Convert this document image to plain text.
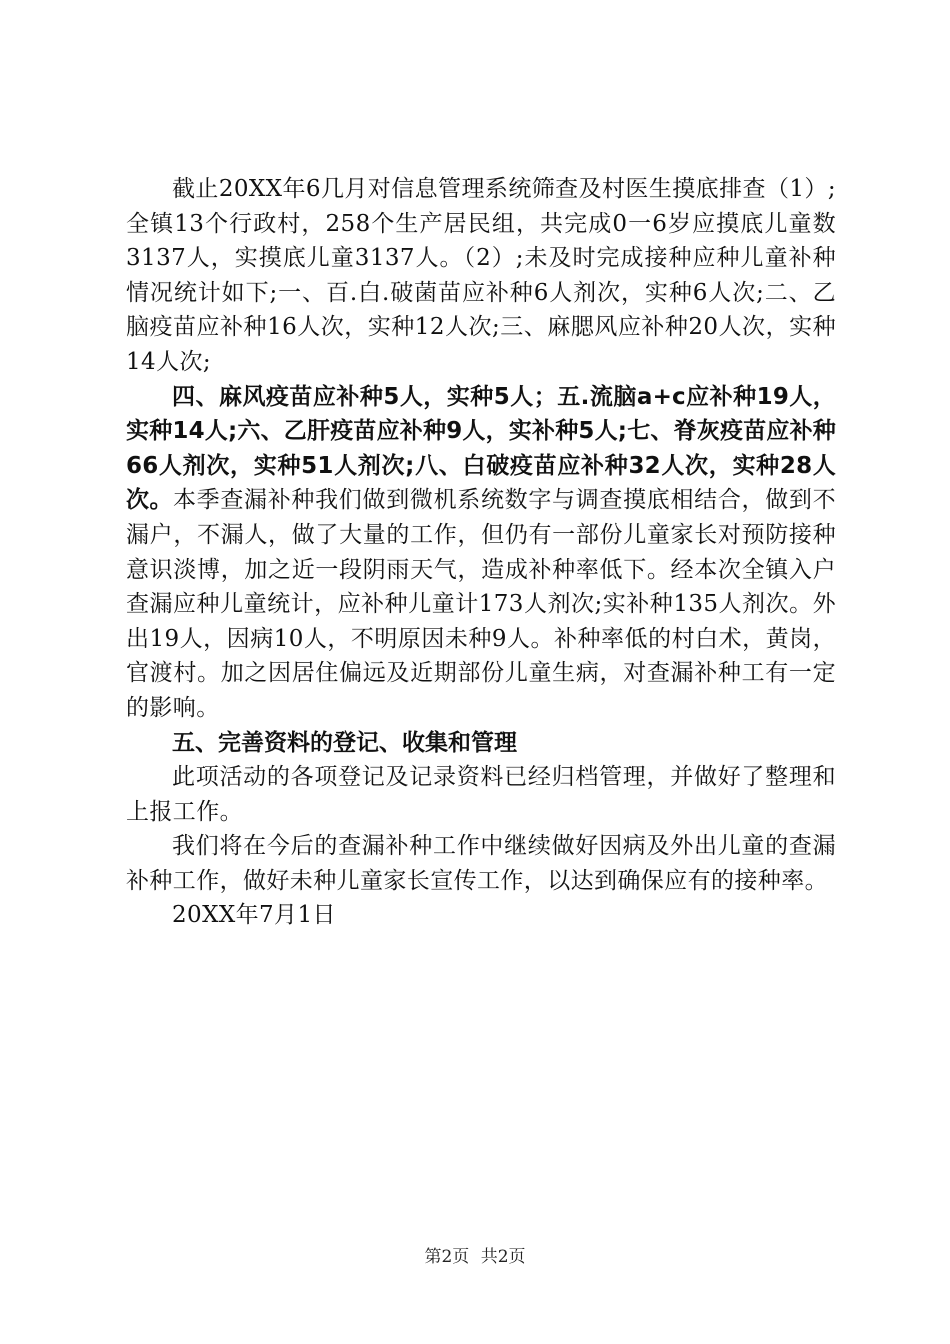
截止20XX年6几月对信息管理系统筛查及村医生摸底排查（1）;全镇13个行政村，258个生产居民组，共完成0一6岁应摸底儿童数3137人，实摸底儿童3137人。（2）;未及时完成接种应种儿童补种情况统计如下;一、百.白.破菌苗应补种6人剂次，实种6人次;二、乙脑疫苗应补种16人次，实种12人次;三、麻腮风应补种20人次，实种14人次;

四、麻风疫苗应补种5人，实种5人；五.流脑a+c应补种19人，实种14人;六、乙肝疫苗应补种9人，实补种5人;七、脊灰疫苗应补种66人剂次，实种51人剂次;八、白破疫苗应补种32人次，实种28人次。本季查漏补种我们做到微机系统数字与调查摸底相结合，做到不漏户，不漏人，做了大量的工作，但仍有一部份儿童家长对预防接种意识淡博，加之近一段阴雨天气，造成补种率低下。经本次全镇入户查漏应种儿童统计，应补种儿童计173人剂次;实补种135人剂次。外出19人，因病10人，不明原因未种9人。补种率低的村白术，黄岗，官渡村。加之因居住偏远及近期部份儿童生病，对查漏补种工有一定的影响。

五、完善资料的登记、收集和管理

此项活动的各项登记及记录资料已经归档管理，并做好了整理和上报工作。

我们将在今后的查漏补种工作中继续做好因病及外出儿童的查漏补种工作，做好未种儿童家长宣传工作，以达到确保应有的接种率。

20XX年7月1日

第2页 共2页
